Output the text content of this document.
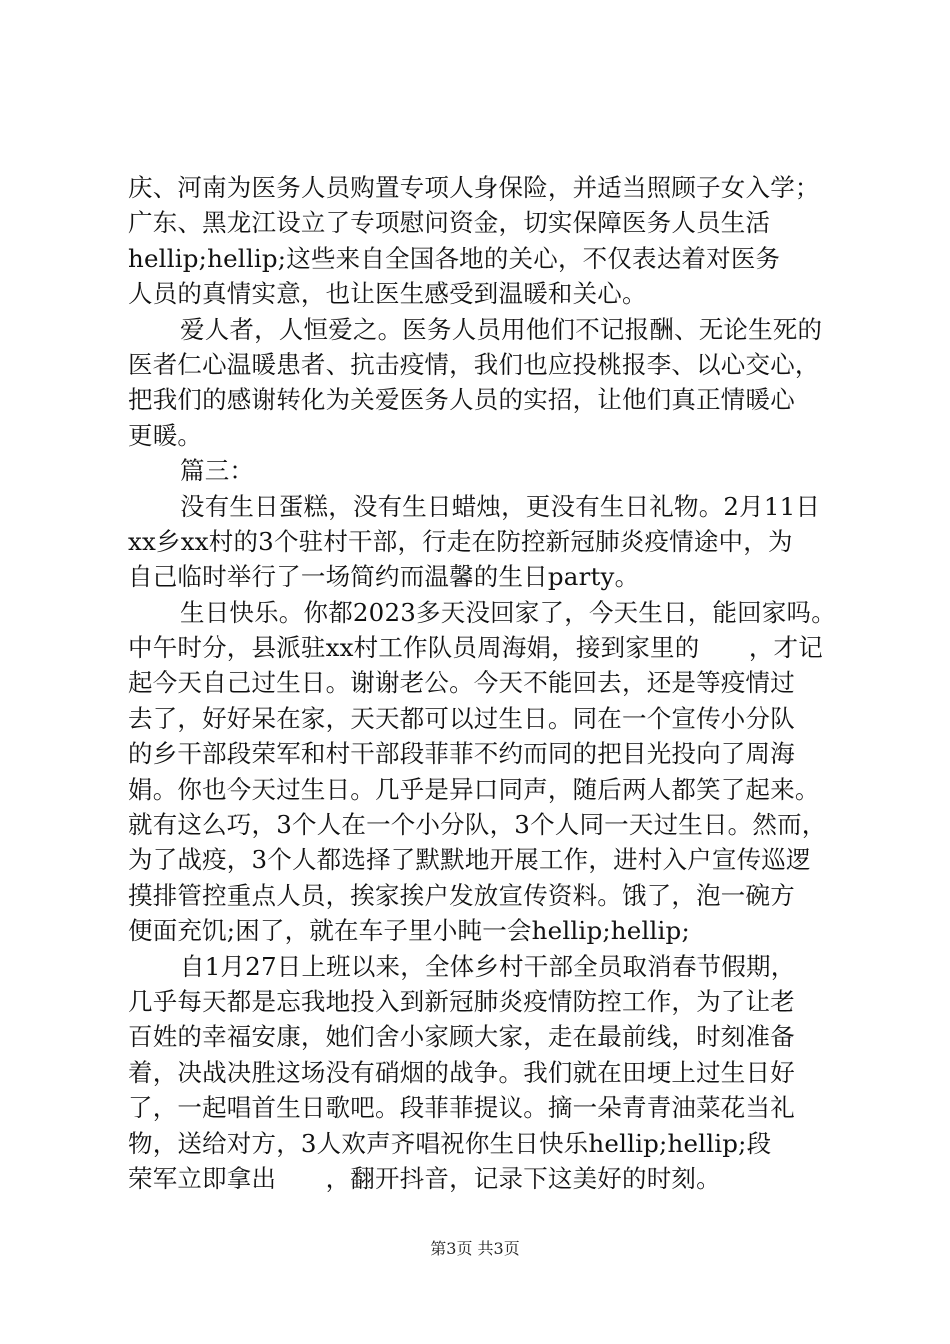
庆、河南为医务人员购置专项人身保险，并适当照顾子女入学；
广东、黑龙江设立了专项慰问资金，切实保障医务人员生活
hellip;hellip;这些来自全国各地的关心，不仅表达着对医务
人员的真情实意，也让医生感受到温暖和关心。
爱人者，人恒爱之。医务人员用他们不记报酬、无论生死的
医者仁心温暖患者、抗击疫情，我们也应投桃报李、以心交心，
把我们的感谢转化为关爱医务人员的实招，让他们真正情暖心
更暖。
篇三：
没有生日蛋糕，没有生日蜡烛，更没有生日礼物。2月11日
xx乡xx村的3个驻村干部，行走在防控新冠肺炎疫情途中，为
自己临时举行了一场简约而温馨的生日party。
生日快乐。你都2023多天没回家了，今天生日，能回家吗。
中午时分，县派驻xx村工作队员周海娟，接到家里的　　，才记
起今天自己过生日。谢谢老公。今天不能回去，还是等疫情过
去了，好好呆在家，天天都可以过生日。同在一个宣传小分队
的乡干部段荣军和村干部段菲菲不约而同的把目光投向了周海
娟。你也今天过生日。几乎是异口同声，随后两人都笑了起来。
就有这么巧，3个人在一个小分队，3个人同一天过生日。然而，
为了战疫，3个人都选择了默默地开展工作，进村入户宣传巡逻
摸排管控重点人员，挨家挨户发放宣传资料。饿了，泡一碗方
便面充饥;困了，就在车子里小盹一会hellip;hellip;
自1月27日上班以来，全体乡村干部全员取消春节假期，
几乎每天都是忘我地投入到新冠肺炎疫情防控工作，为了让老
百姓的幸福安康，她们舍小家顾大家，走在最前线，时刻准备
着，决战决胜这场没有硝烟的战争。我们就在田埂上过生日好
了，一起唱首生日歌吧。段菲菲提议。摘一朵青青油菜花当礼
物，送给对方，3人欢声齐唱祝你生日快乐hellip;hellip;段
荣军立即拿出　　，翻开抖音，记录下这美好的时刻。
第3页 共3页
